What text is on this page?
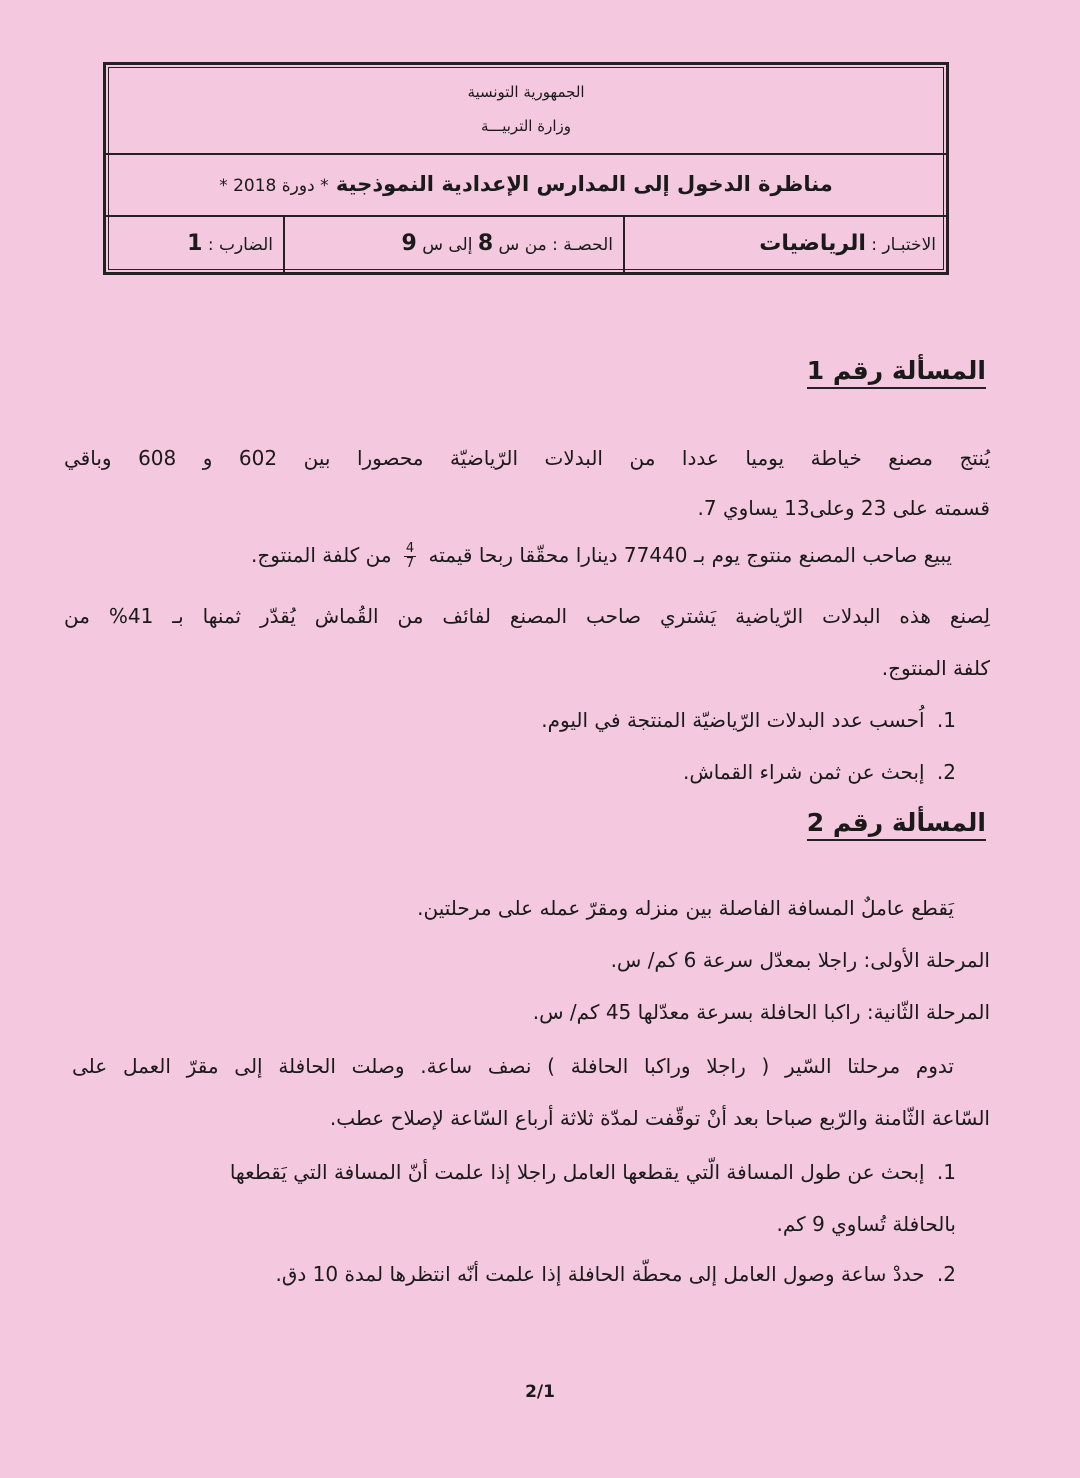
الجمهورية التونسية
وزارة التربيـــة
مناظرة الدخول إلى المدارس الإعدادية النموذجية * دورة 2018 *
الاختبـار : الرياضيات
الحصـة : من س 8 إلى س 9
الضارب : 1
المسألة رقم 1
يُنتج مصنع خياطة يوميا عددا من البدلات الرّياضيّة محصورا بين 602 و 608 وباقي
قسمته على 23 وعلى13 يساوي 7.
يبيع صاحب المصنع منتوج يوم بـ 77440 دينارا محقّقا ربحا قيمته
$\frac{4}{7}$
من كلفة المنتوج.
لِصنع هذه البدلات الرّياضية يَشتري صاحب المصنع لفائف من القُماش يُقدّر ثمنها بـ 41% من
كلفة المنتوج.
1. اُحسب عدد البدلات الرّياضيّة المنتجة في اليوم.
2. إبحث عن ثمن شراء القماش.
المسألة رقم 2
يَقطع عاملٌ المسافة الفاصلة بين منزله ومقرّ عمله على مرحلتين.
المرحلة الأولى: راجلا بمعدّل سرعة 6 كم/ س.
المرحلة الثّانية: راكبا الحافلة بسرعة معدّلها 45 كم/ س.
تدوم مرحلتا السّير ( راجلا وراكبا الحافلة ) نصف ساعة. وصلت الحافلة إلى مقرّ العمل على
السّاعة الثّامنة والرّبع صباحا بعد أنْ توقّفت لمدّة ثلاثة أرباع السّاعة لإصلاح عطب.
1. إبحث عن طول المسافة الّتي يقطعها العامل راجلا إذا علمت أنّ المسافة التي يَقطعها
بالحافلة تُساوي 9 كم.
2. حددْ ساعة وصول العامل إلى محطّة الحافلة إذا علمت أنّه انتظرها لمدة 10 دق.
2/1
